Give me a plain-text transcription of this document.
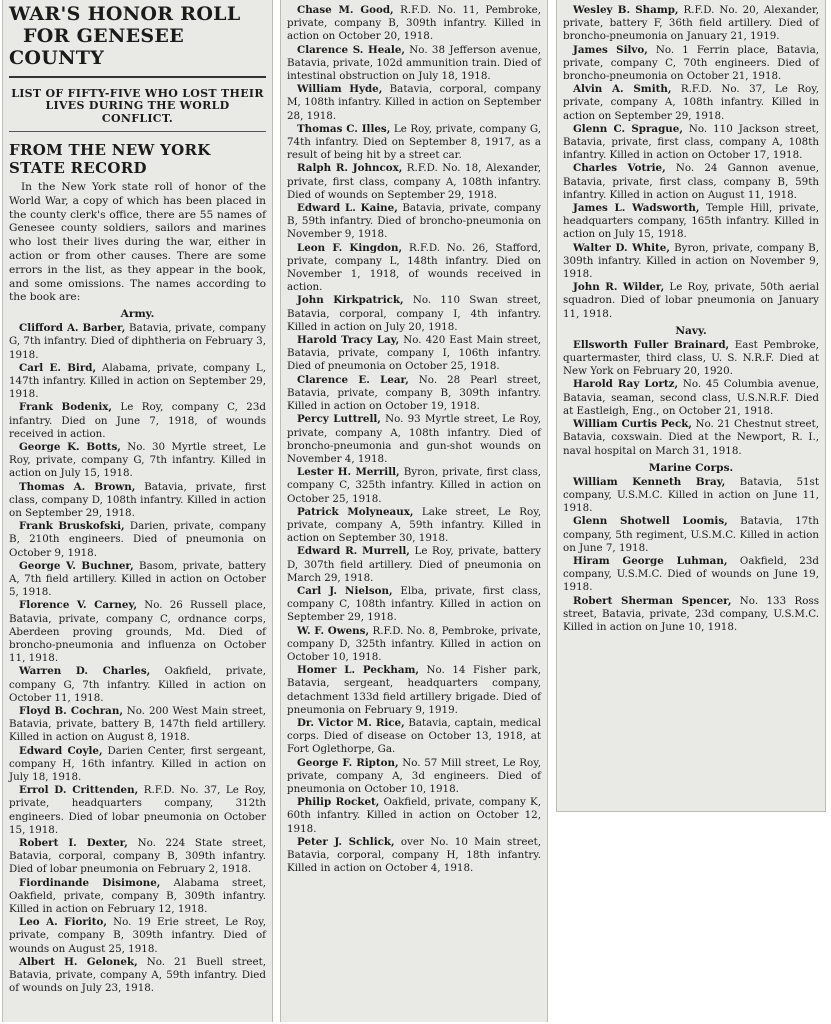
WAR'S HONOR ROLL
FOR GENESEE COUNTY
LIST OF FIFTY-FIVE WHO LOST THEIR LIVES DURING THE WORLD CONFLICT.
FROM THE NEW YORK STATE RECORD

In the New York state roll of honor of the World War, a copy of which has been placed in the county clerk's office, there are 55 names of Genesee county soldiers, sailors and marines who lost their lives during the war, either in action or from other causes. There are some errors in the list, as they appear in the book, and some omissions. The names according to the book are:

Army.

Clifford A. Barber, Batavia, private, company G, 7th infantry. Died of diphtheria on February 3, 1918.

Carl E. Bird, Alabama, private, company L, 147th infantry. Killed in action on September 29, 1918.

Frank Bodenix, Le Roy, company C, 23d infantry. Died on June 7, 1918, of wounds received in action.

George K. Botts, No. 30 Myrtle street, Le Roy, private, company G, 7th infantry. Killed in action on July 15, 1918.

Thomas A. Brown, Batavia, private, first class, company D, 108th infantry. Killed in action on September 29, 1918.

Frank Bruskofski, Darien, private, company B, 210th engineers. Died of pneumonia on October 9, 1918.

George V. Buchner, Basom, private, battery A, 7th field artillery. Killed in action on October 5, 1918.

Florence V. Carney, No. 26 Russell place, Batavia, private, company C, ordnance corps, Aberdeen proving grounds, Md. Died of broncho-pneumonia and influenza on October 11, 1918.

Warren D. Charles, Oakfield, private, company G, 7th infantry. Killed in action on October 11, 1918.

Floyd B. Cochran, No. 200 West Main street, Batavia, private, battery B, 147th field artillery. Killed in action on August 8, 1918.

Edward Coyle, Darien Center, first sergeant, company H, 16th infantry. Killed in action on July 18, 1918.

Errol D. Crittenden, R.F.D. No. 37, Le Roy, private, headquarters company, 312th engineers. Died of lobar pneumonia on October 15, 1918.

Robert I. Dexter, No. 224 State street, Batavia, corporal, company B, 309th infantry. Died of lobar pneumonia on February 2, 1918.

Fiordinande Disimone, Alabama street, Oakfield, private, company B, 309th infantry. Killed in action on February 12, 1918.

Leo A. Fiorito, No. 19 Erie street, Le Roy, private, company B, 309th infantry. Died of wounds on August 25, 1918.

Albert H. Gelonek, No. 21 Buell street, Batavia, private, company A, 59th infantry. Died of wounds on July 23, 1918.

Chase M. Good, R.F.D. No. 11, Pembroke, private, company B, 309th infantry. Killed in action on October 20, 1918.

Clarence S. Heale, No. 38 Jefferson avenue, Batavia, private, 102d ammunition train. Died of intestinal obstruction on July 18, 1918.

William Hyde, Batavia, corporal, company M, 108th infantry. Killed in action on September 28, 1918.

Thomas C. Illes, Le Roy, private, company G, 74th infantry. Died on September 8, 1917, as a result of being hit by a street car.

Ralph R. Johncox, R.F.D. No. 18, Alexander, private, first class, company A, 108th infantry. Died of wounds on September 29, 1918.

Edward L. Kaine, Batavia, private, company B, 59th infantry. Died of broncho-pneumonia on November 9, 1918.

Leon F. Kingdon, R.F.D. No. 26, Stafford, private, company L, 148th infantry. Died on November 1, 1918, of wounds received in action.

John Kirkpatrick, No. 110 Swan street, Batavia, corporal, company I, 4th infantry. Killed in action on July 20, 1918.

Harold Tracy Lay, No. 420 East Main street, Batavia, private, company I, 106th infantry. Died of pneumonia on October 25, 1918.

Clarence E. Lear, No. 28 Pearl street, Batavia, private, company B, 309th infantry. Killed in action on October 19, 1918.

Percy Luttrell, No. 93 Myrtle street, Le Roy, private, company A, 108th infantry. Died of broncho-pneumonia and gun-shot wounds on November 4, 1918.

Lester H. Merrill, Byron, private, first class, company C, 325th infantry. Killed in action on October 25, 1918.

Patrick Molyneaux, Lake street, Le Roy, private, company A, 59th infantry. Killed in action on September 30, 1918.

Edward R. Murrell, Le Roy, private, battery D, 307th field artillery. Died of pneumonia on March 29, 1918.

Carl J. Nielson, Elba, private, first class, company C, 108th infantry. Killed in action on September 29, 1918.

W. F. Owens, R.F.D. No. 8, Pembroke, private, company D, 325th infantry. Killed in action on October 10, 1918.

Homer L. Peckham, No. 14 Fisher park, Batavia, sergeant, headquarters company, detachment 133d field artillery brigade. Died of pneumonia on February 9, 1919.

Dr. Victor M. Rice, Batavia, captain, medical corps. Died of disease on October 13, 1918, at Fort Oglethorpe, Ga.

George F. Ripton, No. 57 Mill street, Le Roy, private, company A, 3d engineers. Died of pneumonia on October 10, 1918.

Philip Rocket, Oakfield, private, company K, 60th infantry. Killed in action on October 12, 1918.

Peter J. Schlick, over No. 10 Main street, Batavia, corporal, company H, 18th infantry. Killed in action on October 4, 1918.

Wesley B. Shamp, R.F.D. No. 20, Alexander, private, battery F, 36th field artillery. Died of broncho-pneumonia on January 21, 1919.

James Silvo, No. 1 Ferrin place, Batavia, private, company C, 70th engineers. Died of broncho-pneumonia on October 21, 1918.

Alvin A. Smith, R.F.D. No. 37, Le Roy, private, company A, 108th infantry. Killed in action on September 29, 1918.

Glenn C. Sprague, No. 110 Jackson street, Batavia, private, first class, company A, 108th infantry. Killed in action on October 17, 1918.

Charles Votrie, No. 24 Gannon avenue, Batavia, private, first class, company B, 59th infantry. Killed in action on August 11, 1918.

James L. Wadsworth, Temple Hill, private, headquarters company, 165th infantry. Killed in action on July 15, 1918.

Walter D. White, Byron, private, company B, 309th infantry. Killed in action on November 9, 1918.

John R. Wilder, Le Roy, private, 50th aerial squadron. Died of lobar pneumonia on January 11, 1918.

Navy.

Ellsworth Fuller Brainard, East Pembroke, quartermaster, third class, U. S. N.R.F. Died at New York on February 20, 1920.

Harold Ray Lortz, No. 45 Columbia avenue, Batavia, seaman, second class, U.S.N.R.F. Died at Eastleigh, Eng., on October 21, 1918.

William Curtis Peck, No. 21 Chestnut street, Batavia, coxswain. Died at the Newport, R. I., naval hospital on March 31, 1918.

Marine Corps.

William Kenneth Bray, Batavia, 51st company, U.S.M.C. Killed in action on June 11, 1918.

Glenn Shotwell Loomis, Batavia, 17th company, 5th regiment, U.S.M.C. Killed in action on June 7, 1918.

Hiram George Luhman, Oakfield, 23d company, U.S.M.C. Died of wounds on June 19, 1918.

Robert Sherman Spencer, No. 133 Ross street, Batavia, private, 23d company, U.S.M.C. Killed in action on June 10, 1918.
